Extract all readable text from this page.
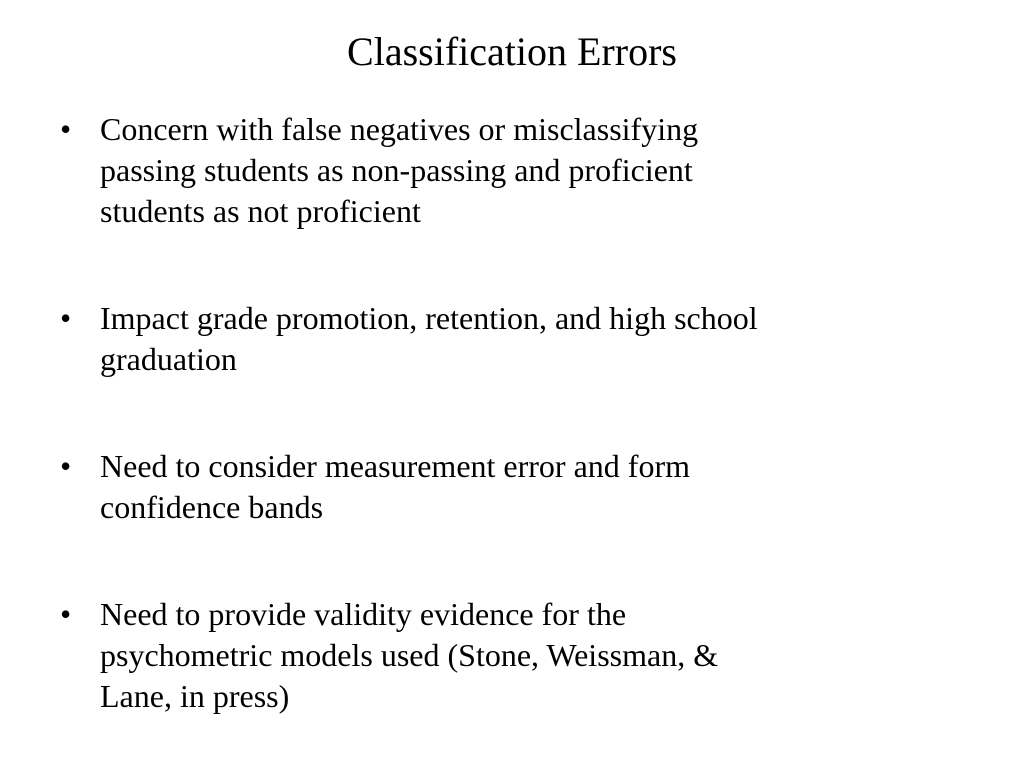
Classification Errors
• Concern with false negatives or misclassifying
passing students as non-passing and proficient
students as not proficient
• Impact grade promotion, retention, and high school
graduation
• Need to consider measurement error and form
confidence bands
• Need to provide validity evidence for the
psychometric models used (Stone, Weissman, &
Lane, in press)
